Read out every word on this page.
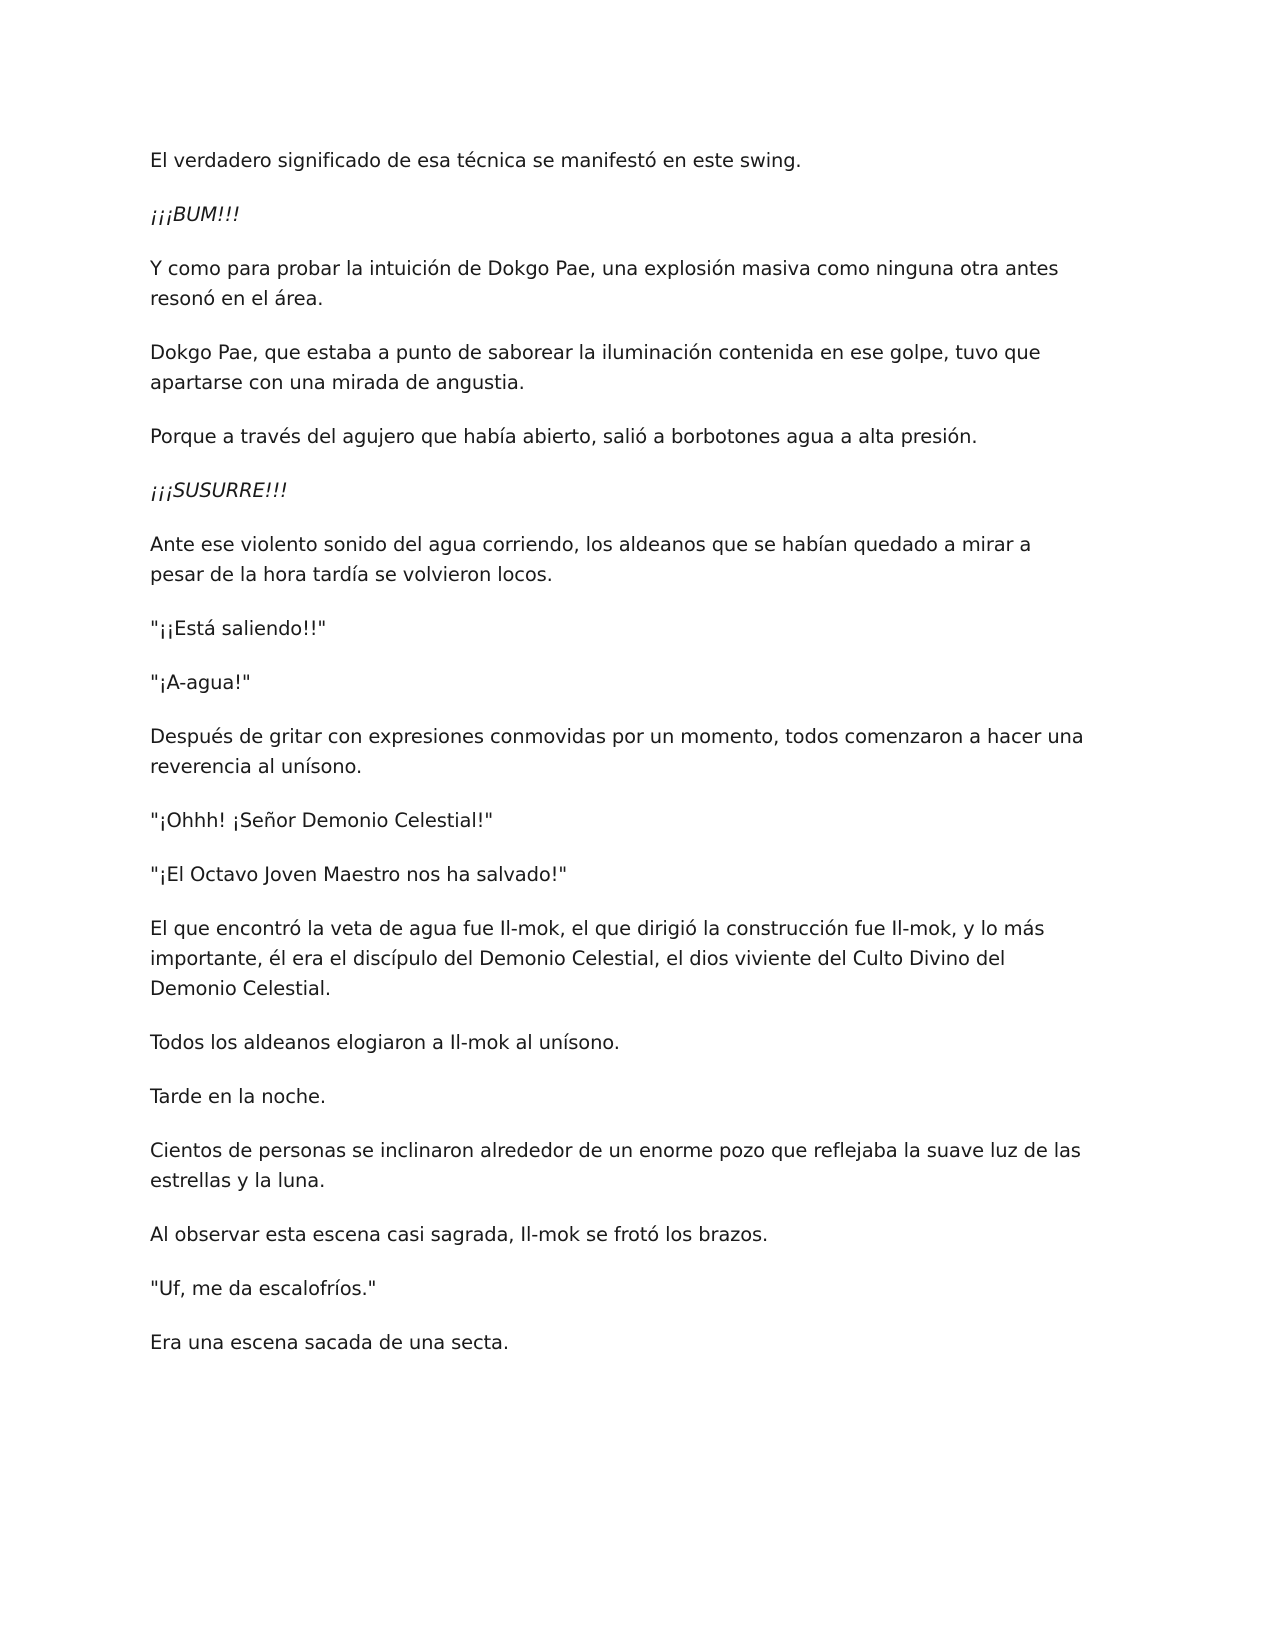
El verdadero significado de esa técnica se manifestó en este swing.

¡¡¡BUM!!!

Y como para probar la intuición de Dokgo Pae, una explosión masiva como ninguna otra antes resonó en el área.

Dokgo Pae, que estaba a punto de saborear la iluminación contenida en ese golpe, tuvo que apartarse con una mirada de angustia.

Porque a través del agujero que había abierto, salió a borbotones agua a alta presión.

¡¡¡SUSURRE!!!

Ante ese violento sonido del agua corriendo, los aldeanos que se habían quedado a mirar a pesar de la hora tardía se volvieron locos.

"¡¡Está saliendo!!"

"¡A-agua!"

Después de gritar con expresiones conmovidas por un momento, todos comenzaron a hacer una reverencia al unísono.

"¡Ohhh! ¡Señor Demonio Celestial!"

"¡El Octavo Joven Maestro nos ha salvado!"

El que encontró la veta de agua fue Il-mok, el que dirigió la construcción fue Il-mok, y lo más importante, él era el discípulo del Demonio Celestial, el dios viviente del Culto Divino del Demonio Celestial.

Todos los aldeanos elogiaron a Il-mok al unísono.

Tarde en la noche.

Cientos de personas se inclinaron alrededor de un enorme pozo que reflejaba la suave luz de las estrellas y la luna.

Al observar esta escena casi sagrada, Il-mok se frotó los brazos.

"Uf, me da escalofríos."

Era una escena sacada de una secta.
